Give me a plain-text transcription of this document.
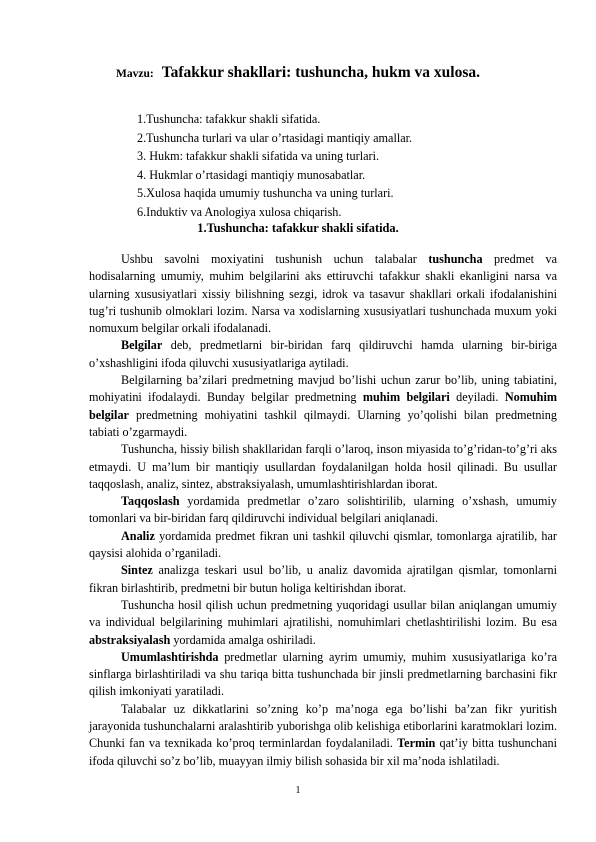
Mavzu: Tafakkur shakllari: tushuncha, hukm va xulosa.
1.Tushuncha: tafakkur shakli sifatida.
2.Tushuncha turlari va ular o’rtasidagi mantiqiy amallar.
3. Hukm: tafakkur shakli sifatida va uning turlari.
4. Hukmlar o’rtasidagi mantiqiy munosabatlar.
5.Xulosa haqida umumiy tushuncha va uning turlari.
6.Induktiv va Anologiya xulosa chiqarish.
1.Tushuncha: tafakkur shakli sifatida.

Ushbu savolni moxiyatini tushunish uchun talabalar tushuncha predmet va hodisalarning umumiy, muhim belgilarini aks ettiruvchi tafakkur shakli ekanligini narsa va ularning xususiyatlari xissiy bilishning sezgi, idrok va tasavur shakllari orkali ifodalanishini tug’ri tushunib olmoklari lozim. Narsa va xodislarning xususiyatlari tushunchada muxum yoki nomuxum belgilar orkali ifodalanadi.

Belgilar deb, predmetlarni bir-biridan farq qildiruvchi hamda ularning bir-biriga o’xshashligini ifoda qiluvchi xususiyatlariga aytiladi.

Belgilarning ba’zilari predmetning mavjud bo’lishi uchun zarur bo’lib, uning tabiatini, mohiyatini ifodalaydi. Bunday belgilar predmetning muhim belgilari deyiladi. Nomuhim belgilar predmetning mohiyatini tashkil qilmaydi. Ularning yo’qolishi bilan predmetning tabiati o’zgarmaydi.

Tushuncha, hissiy bilish shakllaridan farqli o’laroq, inson miyasida to’g’ridan-to’g’ri aks etmaydi. U ma’lum bir mantiqiy usullardan foydalanilgan holda hosil qilinadi. Bu usullar taqqoslash, analiz, sintez, abstraksiyalash, umumlashtirishlardan iborat.

Taqqoslash yordamida predmetlar o’zaro solishtirilib, ularning o’xshash, umumiy tomonlari va bir-biridan farq qildiruvchi individual belgilari aniqlanadi.

Analiz yordamida predmet fikran uni tashkil qiluvchi qismlar, tomonlarga ajratilib, har qaysisi alohida o’rganiladi.

Sintez analizga teskari usul bo’lib, u analiz davomida ajratilgan qismlar, tomonlarni fikran birlashtirib, predmetni bir butun holiga keltirishdan iborat.

Tushuncha hosil qilish uchun predmetning yuqoridagi usullar bilan aniqlangan umumiy va individual belgilarining muhimlari ajratilishi, nomuhimlari chetlashtirilishi lozim. Bu esa abstraksiyalash yordamida amalga oshiriladi.

Umumlashtirishda predmetlar ularning ayrim umumiy, muhim xususiyatlariga ko’ra sinflarga birlashtiriladi va shu tariqa bitta tushunchada bir jinsli predmetlarning barchasini fikr qilish imkoniyati yaratiladi.

Talabalar uz dikkatlarini so’zning ko’p ma’noga ega bo’lishi ba’zan fikr yuritish jarayonida tushunchalarni aralashtirib yuborishga olib kelishiga etiborlarini karatmoklari lozim. Chunki fan va texnikada ko’proq terminlardan foydalaniladi. Termin qat’iy bitta tushunchani ifoda qiluvchi so’z bo’lib, muayyan ilmiy bilish sohasida bir xil ma’noda ishlatiladi.

1
